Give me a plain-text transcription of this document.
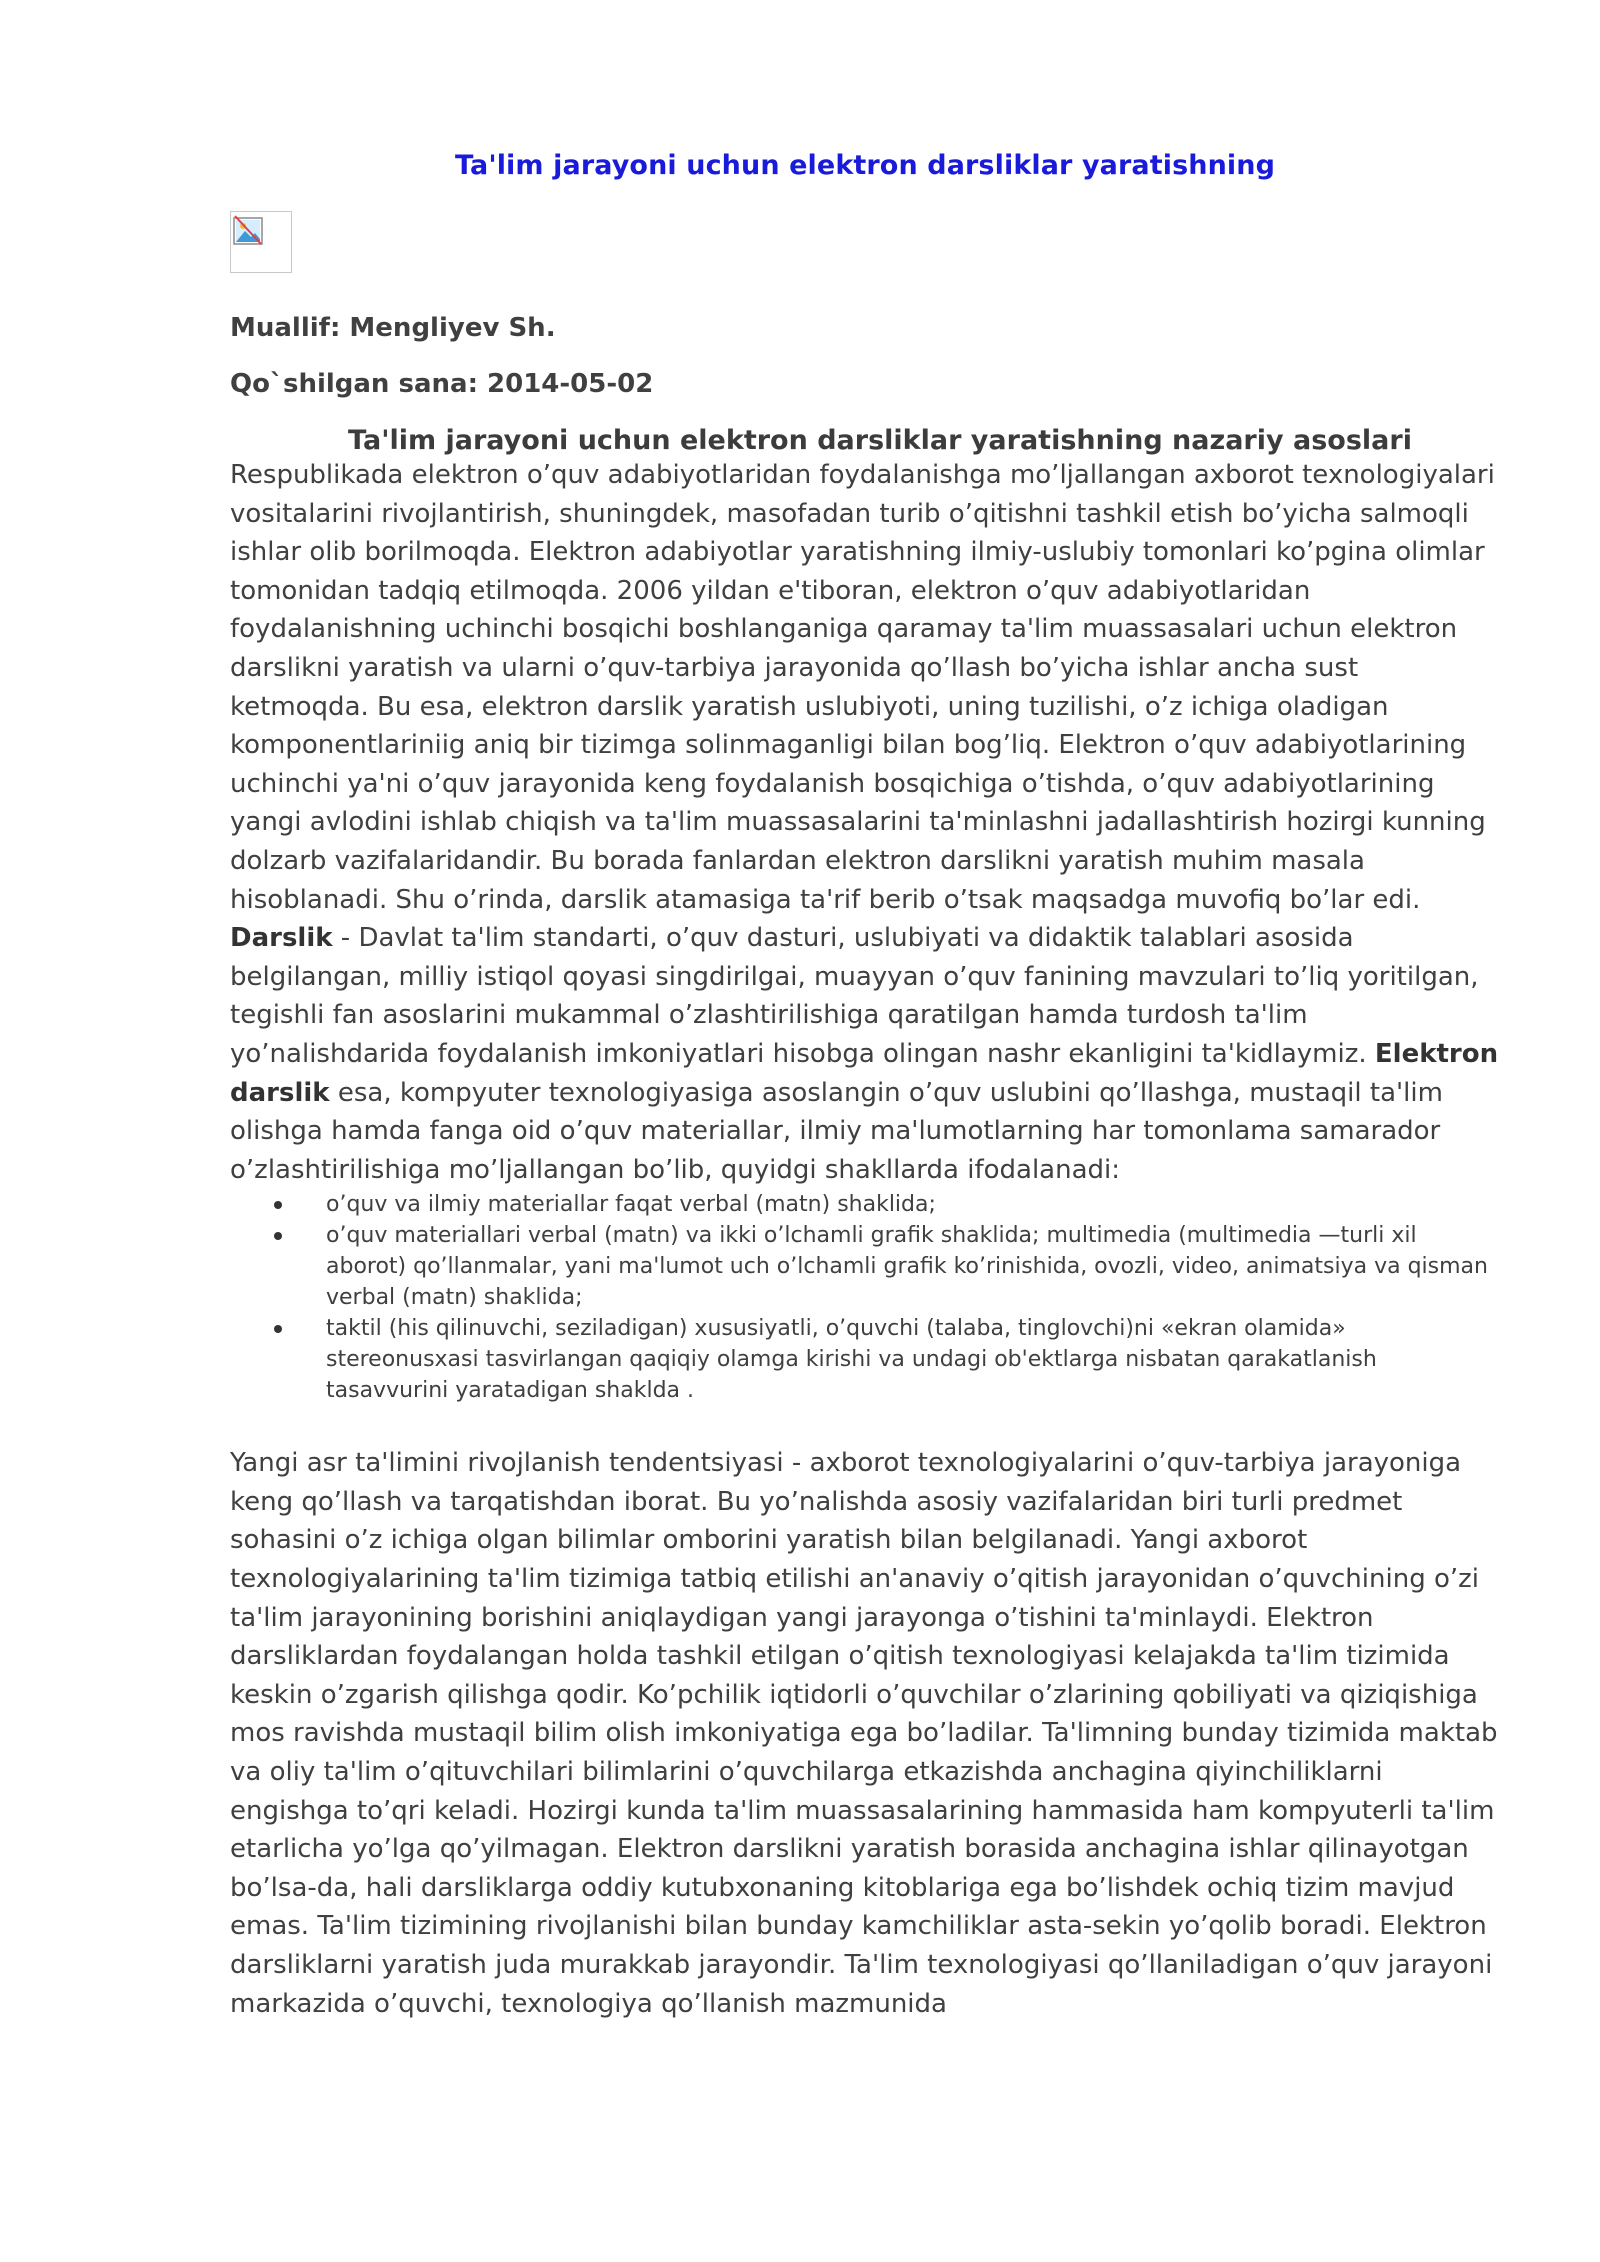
Ta'lim jarayoni uchun elektron darsliklar yaratishning

Muallif: Mengliyev Sh.

Qo`shilgan sana: 2014-05-02

Ta'lim jarayoni uchun elektron darsliklar yaratishning nazariy asoslari

Respublikada elektron o’quv adabiyotlaridan foydalanishga mo’ljallangan axborot texnologiyalari vositalarini rivojlantirish, shuningdek, masofadan turib o’qitishni tashkil etish bo’yicha salmoqli ishlar olib borilmoqda. Elektron adabiyotlar yaratishning ilmiy-uslubiy tomonlari ko’pgina olimlar tomonidan tadqiq etilmoqda. 2006 yildan e'tiboran, elektron o’quv adabiyotlaridan foydalanishning uchinchi bosqichi boshlanganiga qaramay ta'lim muassasalari uchun elektron darslikni yaratish va ularni o’quv-tarbiya jarayonida qo’llash bo’yicha ishlar ancha sust ketmoqda. Bu esa, elektron darslik yaratish uslubiyoti, uning tuzilishi, o’z ichiga oladigan komponentlariniig aniq bir tizimga solinmaganligi bilan bog’liq. Elektron o’quv adabiyotlarining uchinchi ya'ni o’quv jarayonida keng foydalanish bosqichiga o’tishda, o’quv adabiyotlarining yangi avlodini ishlab chiqish va ta'lim muassasalarini ta'minlashni jadallashtirish hozirgi kunning dolzarb vazifalaridandir. Bu borada fanlardan elektron darslikni yaratish muhim masala hisoblanadi. Shu o’rinda, darslik atamasiga ta'rif berib o’tsak maqsadga muvofiq bo’lar edi. Darslik - Davlat ta'lim standarti, o’quv dasturi, uslubiyati va didaktik talablari asosida belgilangan, milliy istiqol qoyasi singdirilgai, muayyan o’quv fanining mavzulari to’liq yoritilgan, tegishli fan asoslarini mukammal o’zlashtirilishiga qaratilgan hamda turdosh ta'lim yo’nalishdarida foydalanish imkoniyatlari hisobga olingan nashr ekanligini ta'kidlaymiz. Elektron darslik esa, kompyuter texnologiyasiga asoslangin o’quv uslubini qo’llashga, mustaqil ta'lim olishga hamda fanga oid o’quv materiallar, ilmiy ma'lumotlarning har tomonlama samarador o’zlashtirilishiga mo’ljallangan bo’lib, quyidgi shakllarda ifodalanadi:

o’quv va ilmiy materiallar faqat verbal (matn) shaklida;
o’quv materiallari verbal (matn) va ikki o’lchamli grafik shaklida; multimedia (multimedia —turli xil aborot) qo’llanmalar, yani ma'lumot uch o’lchamli grafik ko’rinishida, ovozli, video, animatsiya va qisman verbal (matn) shaklida;
taktil (his qilinuvchi, seziladigan) xususiyatli, o’quvchi (talaba, tinglovchi)ni «ekran olamida» stereonusxasi tasvirlangan qaqiqiy olamga kirishi va undagi ob'ektlarga nisbatan qarakatlanish tasavvurini yaratadigan shaklda .

Yangi asr ta'limini rivojlanish tendentsiyasi - axborot texnologiyalarini o’quv-tarbiya jarayoniga keng qo’llash va tarqatishdan iborat. Bu yo’nalishda asosiy vazifalaridan biri turli predmet sohasini o’z ichiga olgan bilimlar omborini yaratish bilan belgilanadi. Yangi axborot texnologiyalarining ta'lim tizimiga tatbiq etilishi an'anaviy o’qitish jarayonidan o’quvchining o’zi ta'lim jarayonining borishini aniqlaydigan yangi jarayonga o’tishini ta'minlaydi. Elektron darsliklardan foydalangan holda tashkil etilgan o’qitish texnologiyasi kelajakda ta'lim tizimida keskin o’zgarish qilishga qodir. Ko’pchilik iqtidorli o’quvchilar o’zlarining qobiliyati va qiziqishiga mos ravishda mustaqil bilim olish imkoniyatiga ega bo’ladilar. Ta'limning bunday tizimida maktab va oliy ta'lim o’qituvchilari bilimlarini o’quvchilarga etkazishda anchagina qiyinchiliklarni engishga to’qri keladi. Hozirgi kunda ta'lim muassasalarining hammasida ham kompyuterli ta'lim etarlicha yo’lga qo’yilmagan. Elektron darslikni yaratish borasida anchagina ishlar qilinayotgan bo’lsa-da, hali darsliklarga oddiy kutubxonaning kitoblariga ega bo’lishdek ochiq tizim mavjud emas. Ta'lim tizimining rivojlanishi bilan bunday kamchiliklar asta-sekin yo’qolib boradi. Elektron darsliklarni yaratish juda murakkab jarayondir. Ta'lim texnologiyasi qo’llaniladigan o’quv jarayoni markazida o’quvchi, texnologiya qo’llanish mazmunida
